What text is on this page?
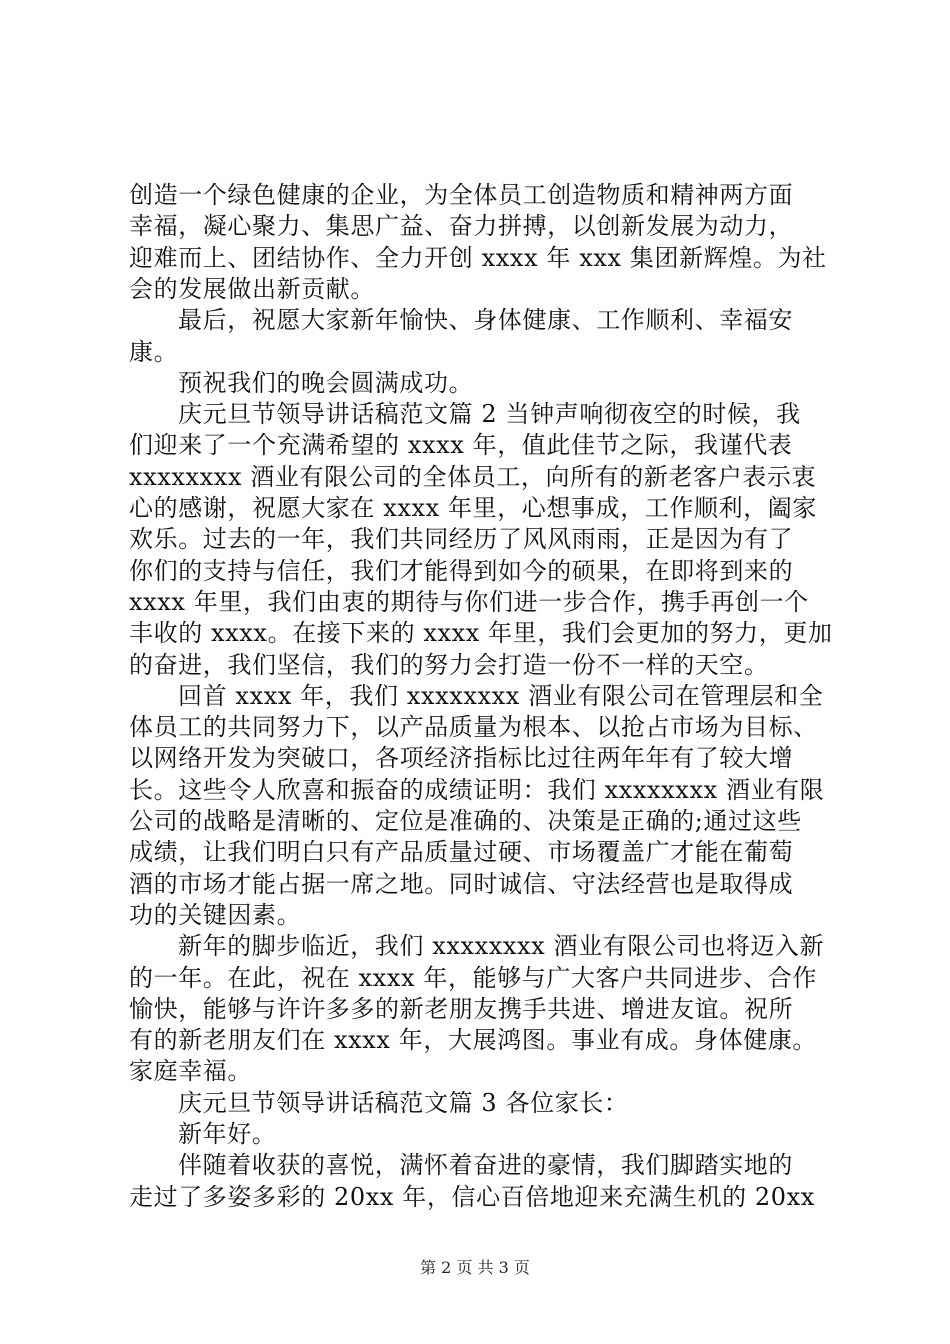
创造一个绿色健康的企业，为全体员工创造物质和精神两方面
幸福，凝心聚力、集思广益、奋力拼搏，以创新发展为动力，
迎难而上、团结协作、全力开创 xxxx 年 xxx 集团新辉煌。为社
会的发展做出新贡献。
最后，祝愿大家新年愉快、身体健康、工作顺利、幸福安
康。
预祝我们的晚会圆满成功。
庆元旦节领导讲话稿范文篇 2 当钟声响彻夜空的时候，我
们迎来了一个充满希望的 xxxx 年，值此佳节之际，我谨代表
xxxxxxxx 酒业有限公司的全体员工，向所有的新老客户表示衷
心的感谢，祝愿大家在 xxxx 年里，心想事成，工作顺利，阖家
欢乐。过去的一年，我们共同经历了风风雨雨，正是因为有了
你们的支持与信任，我们才能得到如今的硕果，在即将到来的
xxxx 年里，我们由衷的期待与你们进一步合作，携手再创一个
丰收的 xxxx。在接下来的 xxxx 年里，我们会更加的努力，更加
的奋进，我们坚信，我们的努力会打造一份不一样的天空。
回首 xxxx 年，我们 xxxxxxxx 酒业有限公司在管理层和全
体员工的共同努力下，以产品质量为根本、以抢占市场为目标、
以网络开发为突破口，各项经济指标比过往两年年有了较大增
长。这些令人欣喜和振奋的成绩证明：我们 xxxxxxxx 酒业有限
公司的战略是清晰的、定位是准确的、决策是正确的;通过这些
成绩，让我们明白只有产品质量过硬、市场覆盖广才能在葡萄
酒的市场才能占据一席之地。同时诚信、守法经营也是取得成
功的关键因素。
新年的脚步临近，我们 xxxxxxxx 酒业有限公司也将迈入新
的一年。在此，祝在 xxxx 年，能够与广大客户共同进步、合作
愉快，能够与许许多多的新老朋友携手共进、增进友谊。祝所
有的新老朋友们在 xxxx 年，大展鸿图。事业有成。身体健康。
家庭幸福。
庆元旦节领导讲话稿范文篇 3 各位家长：
新年好。
伴随着收获的喜悦，满怀着奋进的豪情，我们脚踏实地的
走过了多姿多彩的 20xx 年，信心百倍地迎来充满生机的 20xx
第 2 页 共 3 页
